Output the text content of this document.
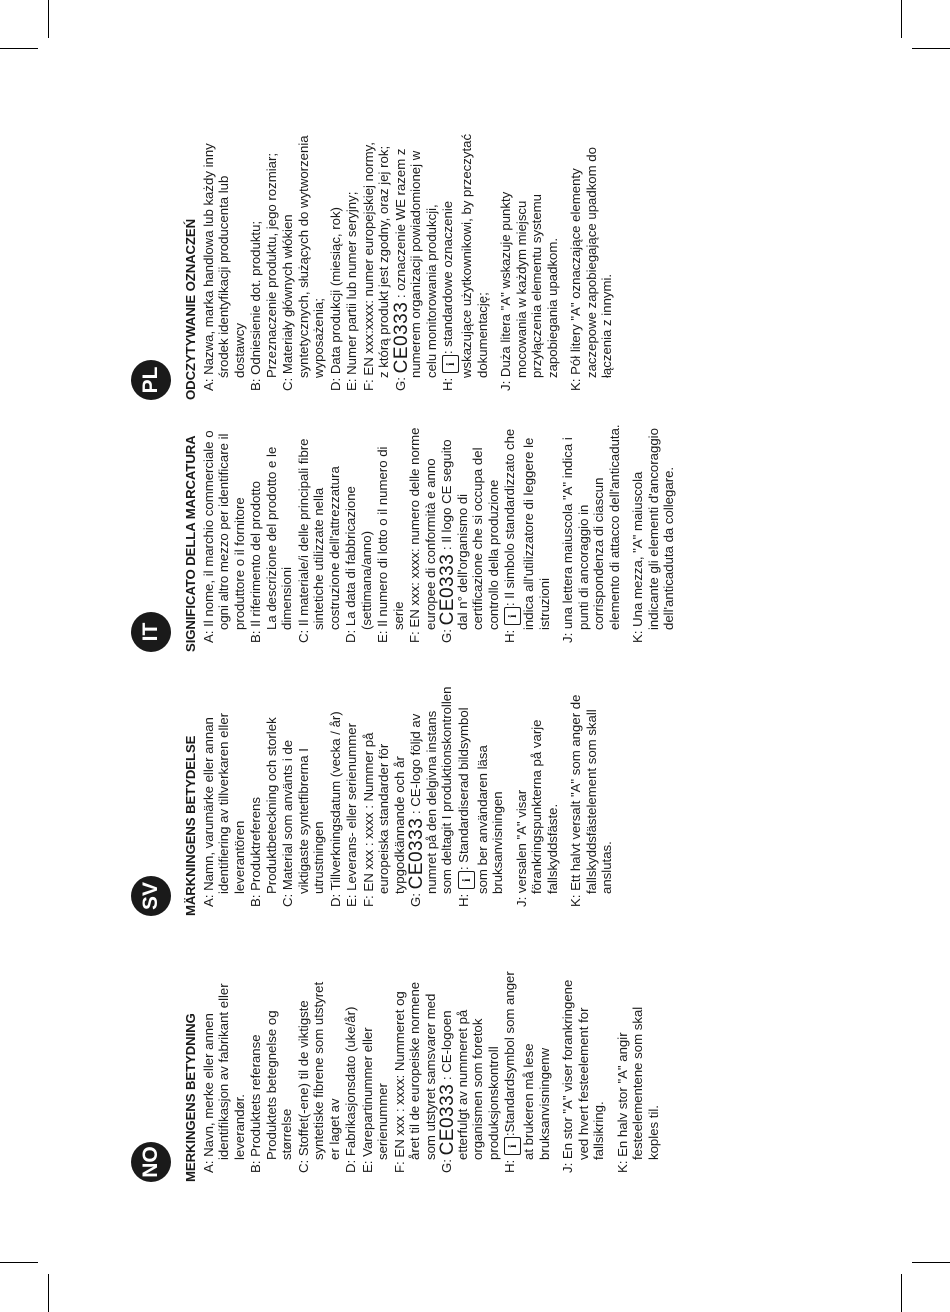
NO	MERKINGENS BETYDNING A: Navn, merke eller annen identifikasjon av fabrikant eller leverandør.
B: Produktets referanse Produktets betegnelse og størrelse
C: Stoffet(-ene) til de viktigste syntetiske fibrene som utstyret er laget av
D: Fabrikasjonsdato (uke/år)
E: Varepartinummer eller serienummer
F: EN xxx : xxxx: Nummeret og året til de europeiske normene som utstyret samsvarer med
G: CE0333 : CE-logoen etterfulgt av nummeret på organismen som foretok produksjonskontroll
H: i:Standardsymbol som anger at brukeren må lese bruksanvisningenw
J: En stor "A" viser forankringene ved hvert festeelement for fallsikring.
K: En halv stor "A" angir festeelementene som skal koples til.
SV	MÄRKNINGENS BETYDELSE A: Namn, varumärke eller annan identifiering av tillverkaren eller leverantören
B: Produktreferens Produktbeteckning och storlek
C: Material som använts i de viktigaste syntetfibrerna I utrustningen
D: Tillverkningsdatum (vecka / år)
E: Leverans- eller serienummer
F: EN xxx : xxxx : Nummer på europeiska standarder för typgodkännande och år
G: CE0333 : CE-logo följd av numret på den delgivna instans som deltagit I produktionskontrollen
H: i: Standardiserad bildsymbol som ber användaren läsa bruksanvisningen
J: versalen "A" visar förankringspunkterna på varje fallskyddsfäste.
K: Ett halvt versalt "A" som anger de fallskyddsfästelement som skall anslutas.
IT	SIGNIFICATO DELLA MARCATURA A: Il nome, il marchio commerciale o ogni altro mezzo per identificare il produttore o il fornitore
B: Il riferimento del prodotto La descrizione del prodotto e le dimensioni
C: Il materiale/i delle principali fibre sintetiche utilizzate nella costruzione dell'attrezzatura
D: La data di fabbricazione (settimana/anno)
E: Il numero di lotto o il numero di serie
F: EN xxx: xxxx: numero delle norme europee di conformità e anno
G: CE0333 : Il logo CE seguito dal n° dell'organismo di certificazione che si occupa del controllo della produzione
H: i: Il simbolo standardizzato che indica all'utilizzatore di leggere le istruzioni
J: una lettera maiuscola "A" indica i punti di ancoraggio in corrispondenza di ciascun elemento di attacco dell'anticaduta.
K: Una mezza, "A" maiuscola indicante gli elementi d'ancoraggio dell'anticaduta da collegare.
PL	ODCZYTYWANIE OZNACZEŃ A: Nazwa, marka handlowa lub każdy inny środek identyfikacji producenta lub dostawcy
B: Odniesienie dot. produktu; Przeznaczenie produktu, jego rozmiar;
C: Materiały głównych włókien syntetycznych, służących do wytworzenia wyposażenia;
D: Data produkcji (miesiąc, rok)
E: Numer partii lub numer seryjny;
F: EN xxx:xxxx: numer europejskiej normy, z którą produkt jest zgodny, oraz jej rok;
G: CE0333 : oznaczenie WE razem z numerem organizacji powiadomionej w celu monitorowania produkcji,
H: i: standardowe oznaczenie wskazujące użytkownikowi, by przeczytać dokumentację;
J: Duża litera "A" wskazuje punkty mocowania w każdym miejscu przyłączenia elementu systemu zapobiegania upadkom.
K: Pół litery "A" oznaczające elementy zaczepowe zapobiegające upadkom do łączenia z innymi.
